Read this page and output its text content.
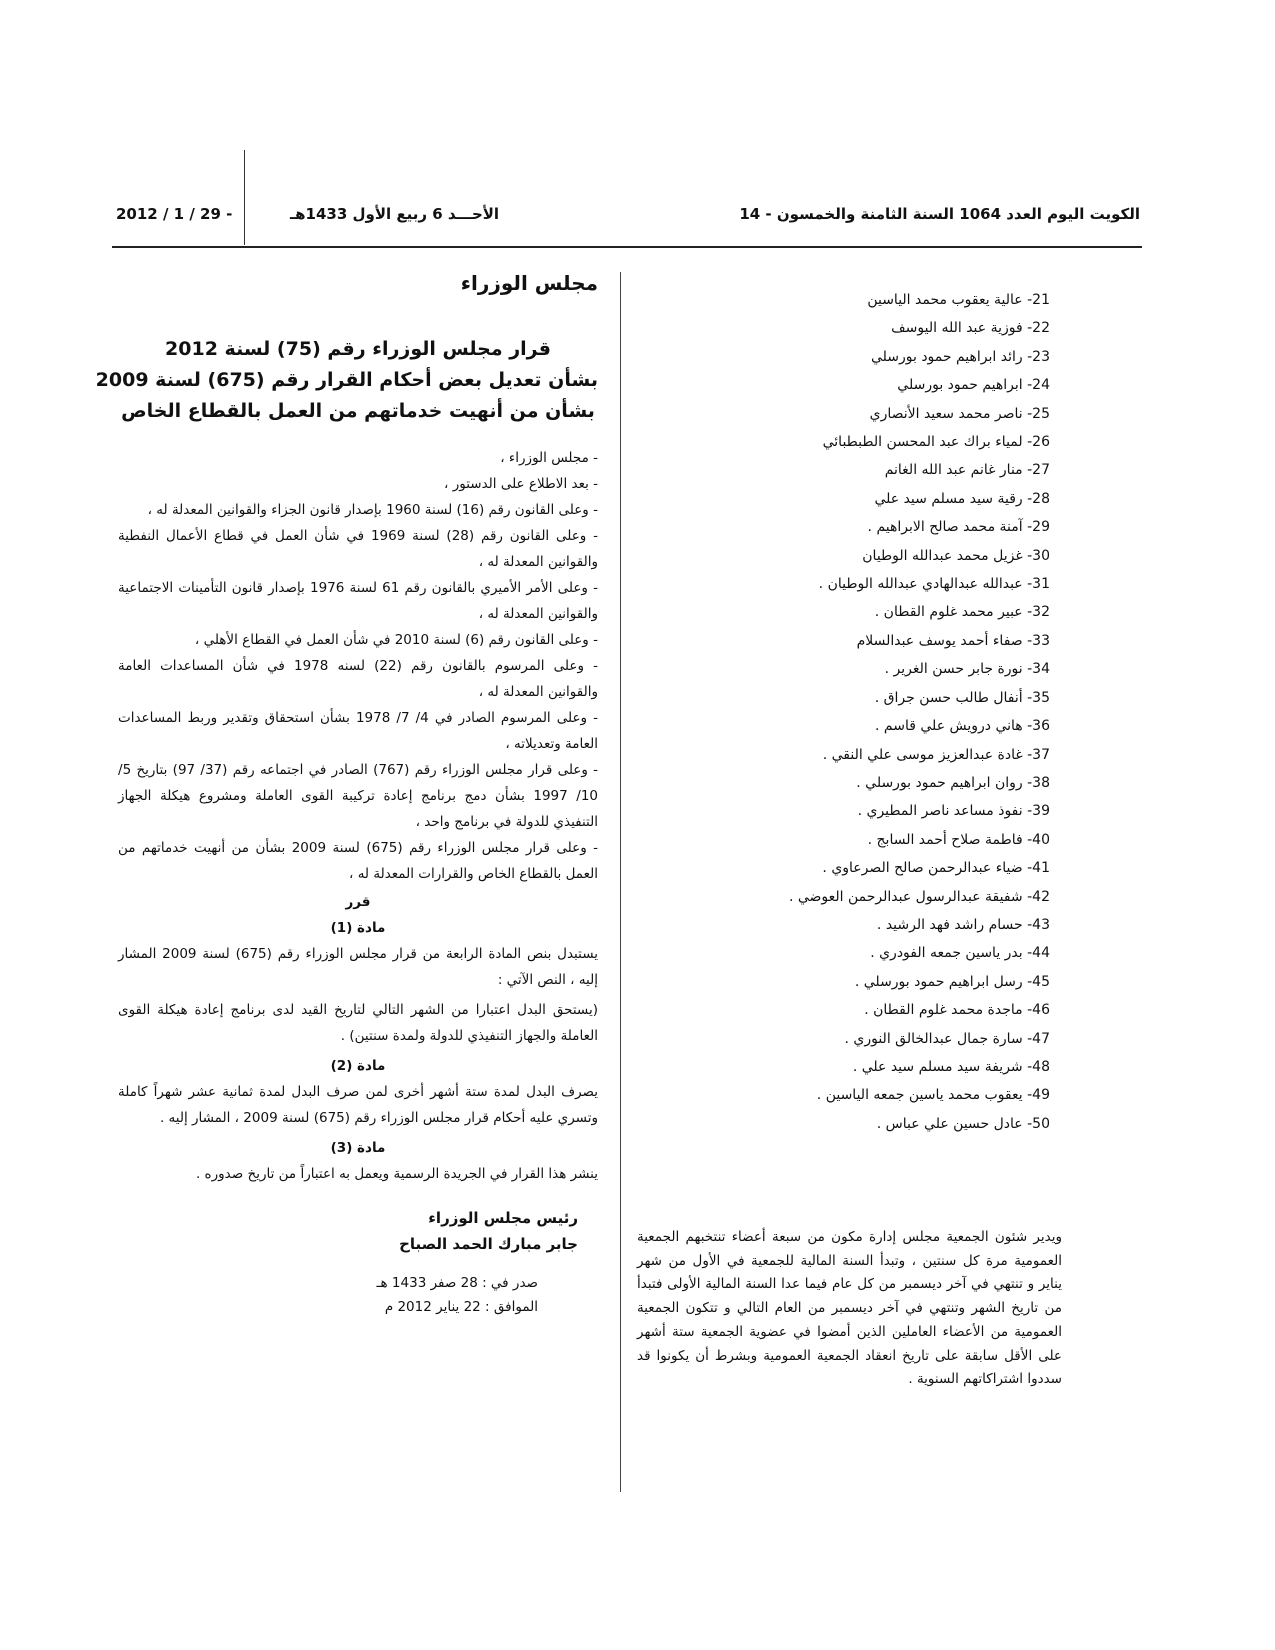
الكويت اليوم العدد 1064 السنة الثامنة والخمسون - 14
الأحـــد 6 ربيع الأول 1433هـ
2012 / 1 / 29 -
21- عالية يعقوب محمد الياسين
22- فوزية عبد الله اليوسف
23- رائد ابراهيم حمود بورسلي
24- ابراهيم حمود بورسلي
25- ناصر محمد سعيد الأنصاري
26- لمياء براك عبد المحسن الطبطبائي
27- منار غانم عبد الله الغانم
28- رقية سيد مسلم سيد علي
29- آمنة محمد صالح الابراهيم .
30- غزيل محمد عبدالله الوطيان
31- عبدالله عبدالهادي عبدالله الوطيان .
32- عبير محمد غلوم القطان .
33- صفاء أحمد يوسف عبدالسلام
34- نورة جابر حسن الغرير .
35- أنفال طالب حسن جراق .
36- هاني درويش علي قاسم .
37- غادة عبدالعزيز موسى علي النقي .
38- روان ابراهيم حمود بورسلي .
39- نفوذ مساعد ناصر المطيري .
40- فاطمة صلاح أحمد السابج .
41- ضياء عبدالرحمن صالح الصرعاوي .
42- شفيقة عبدالرسول عبدالرحمن العوضي .
43- حسام راشد فهد الرشيد .
44- بدر ياسين جمعه الفودري .
45- رسل ابراهيم حمود بورسلي .
46- ماجدة محمد غلوم القطان .
47- سارة جمال عبدالخالق النوري .
48- شريفة سيد مسلم سيد علي .
49- يعقوب محمد ياسين جمعه الياسين .
50- عادل حسين علي عباس .

ويدير شئون الجمعية مجلس إدارة مكون من سبعة أعضاء تنتخبهم الجمعية العمومية مرة كل سنتين ، وتبدأ السنة المالية للجمعية في الأول من شهر يناير و تنتهي في آخر ديسمبر من كل عام فيما عدا السنة المالية الأولى فتبدأ من تاريخ الشهر وتنتهي في آخر ديسمبر من العام التالي و تتكون الجمعية العمومية من الأعضاء العاملين الذين أمضوا في عضوية الجمعية ستة أشهر على الأقل سابقة على تاريخ انعقاد الجمعية العمومية وبشرط أن يكونوا قد سددوا اشتراكاتهم السنوية .

مجلس الوزراء
قرار مجلس الوزراء رقم (75) لسنة 2012
بشأن تعديل بعض أحكام القرار رقم (675) لسنة 2009
بشأن من أنهيت خدماتهم من العمل بالقطاع الخاص

- مجلس الوزراء ،

- بعد الاطلاع على الدستور ،

- وعلى القانون رقم (16) لسنة 1960 بإصدار قانون الجزاء والقوانين المعدلة له ،

- وعلى القانون رقم (28) لسنة 1969 في شأن العمل في قطاع الأعمال النفطية والقوانين المعدلة له ،

- وعلى الأمر الأميري بالقانون رقم 61 لسنة 1976 بإصدار قانون التأمينات الاجتماعية والقوانين المعدلة له ،

- وعلى القانون رقم (6) لسنة 2010 في شأن العمل في القطاع الأهلي ،

- وعلى المرسوم بالقانون رقم (22) لسنه 1978 في شأن المساعدات العامة والقوانين المعدلة له ،

- وعلى المرسوم الصادر في 4/ 7/ 1978 بشأن استحقاق وتقدير وربط المساعدات العامة وتعديلاته ،

- وعلى قرار مجلس الوزراء رقم (767) الصادر في اجتماعه رقم (37/ 97) بتاريخ 5/ 10/ 1997 بشأن دمج برنامج إعادة تركيبة القوى العاملة ومشروع هيكلة الجهاز التنفيذي للدولة في برنامج واحد ،

- وعلى قرار مجلس الوزراء رقم (675) لسنة 2009 بشأن من أنهيت خدماتهم من العمل بالقطاع الخاص والقرارات المعدلة له ،

قرر

مادة (1)

يستبدل بنص المادة الرابعة من قرار مجلس الوزراء رقم (675) لسنة 2009 المشار إليه ، النص الآتي :

(يستحق البدل اعتبارا من الشهر التالي لتاريخ القيد لدى برنامج إعادة هيكلة القوى العاملة والجهاز التنفيذي للدولة ولمدة سنتين) .

مادة (2)

يصرف البدل لمدة ستة أشهر أخرى لمن صرف البدل لمدة ثمانية عشر شهراً كاملة وتسري عليه أحكام قرار مجلس الوزراء رقم (675) لسنة 2009 ، المشار إليه .

مادة (3)

ينشر هذا القرار في الجريدة الرسمية ويعمل به اعتباراً من تاريخ صدوره .

رئيس مجلس الوزراء
جابر مبارك الحمد الصباح
صدر في : 28 صفر 1433 هـ
الموافق : 22 يناير 2012 م
